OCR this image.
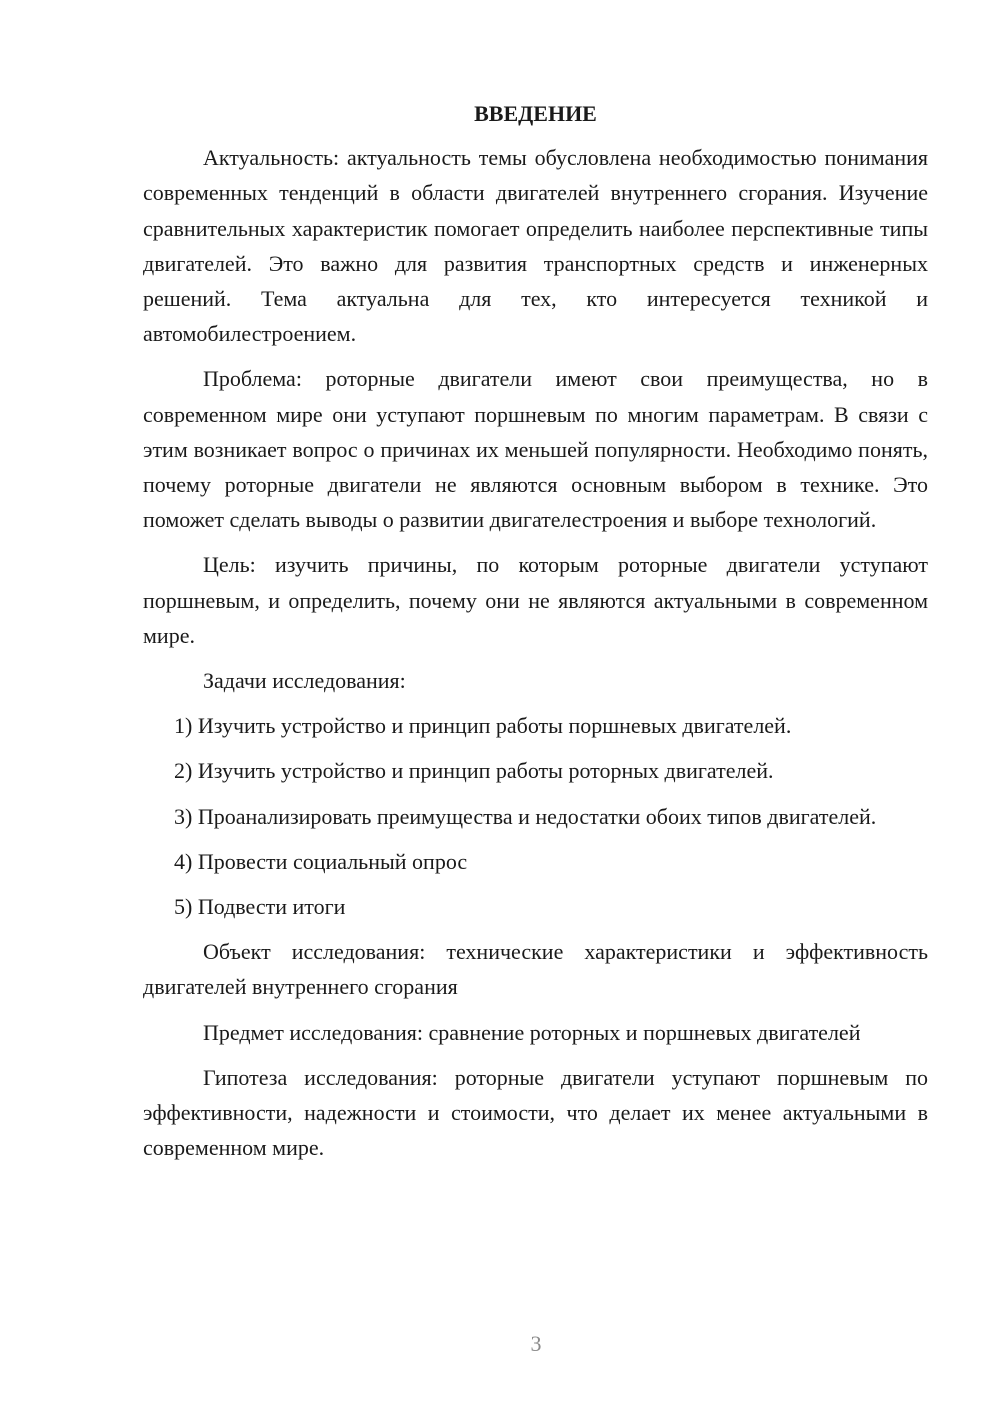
ВВЕДЕНИЕ

Актуальность: актуальность темы обусловлена необходимостью понимания современных тенденций в области двигателей внутреннего сгорания. Изучение сравнительных характеристик помогает определить наиболее перспективные типы двигателей. Это важно для развития транспортных средств и инженерных решений. Тема актуальна для тех, кто интересуется техникой и автомобилестроением.

Проблема: роторные двигатели имеют свои преимущества, но в современном мире они уступают поршневым по многим параметрам. В связи с этим возникает вопрос о причинах их меньшей популярности. Необходимо понять, почему роторные двигатели не являются основным выбором в технике. Это поможет сделать выводы о развитии двигателестроения и выборе технологий.

Цель: изучить причины, по которым роторные двигатели уступают поршневым, и определить, почему они не являются актуальными в современном мире.

Задачи исследования:

1) Изучить устройство и принцип работы поршневых двигателей.

2) Изучить устройство и принцип работы роторных двигателей.

3) Проанализировать преимущества и недостатки обоих типов двигателей.

4) Провести социальный опрос

5) Подвести итоги

Объект исследования: технические характеристики и эффективность двигателей внутреннего сгорания

Предмет исследования: сравнение роторных и поршневых двигателей

Гипотеза исследования: роторные двигатели уступают поршневым по эффективности, надежности и стоимости, что делает их менее актуальными в современном мире.

3
